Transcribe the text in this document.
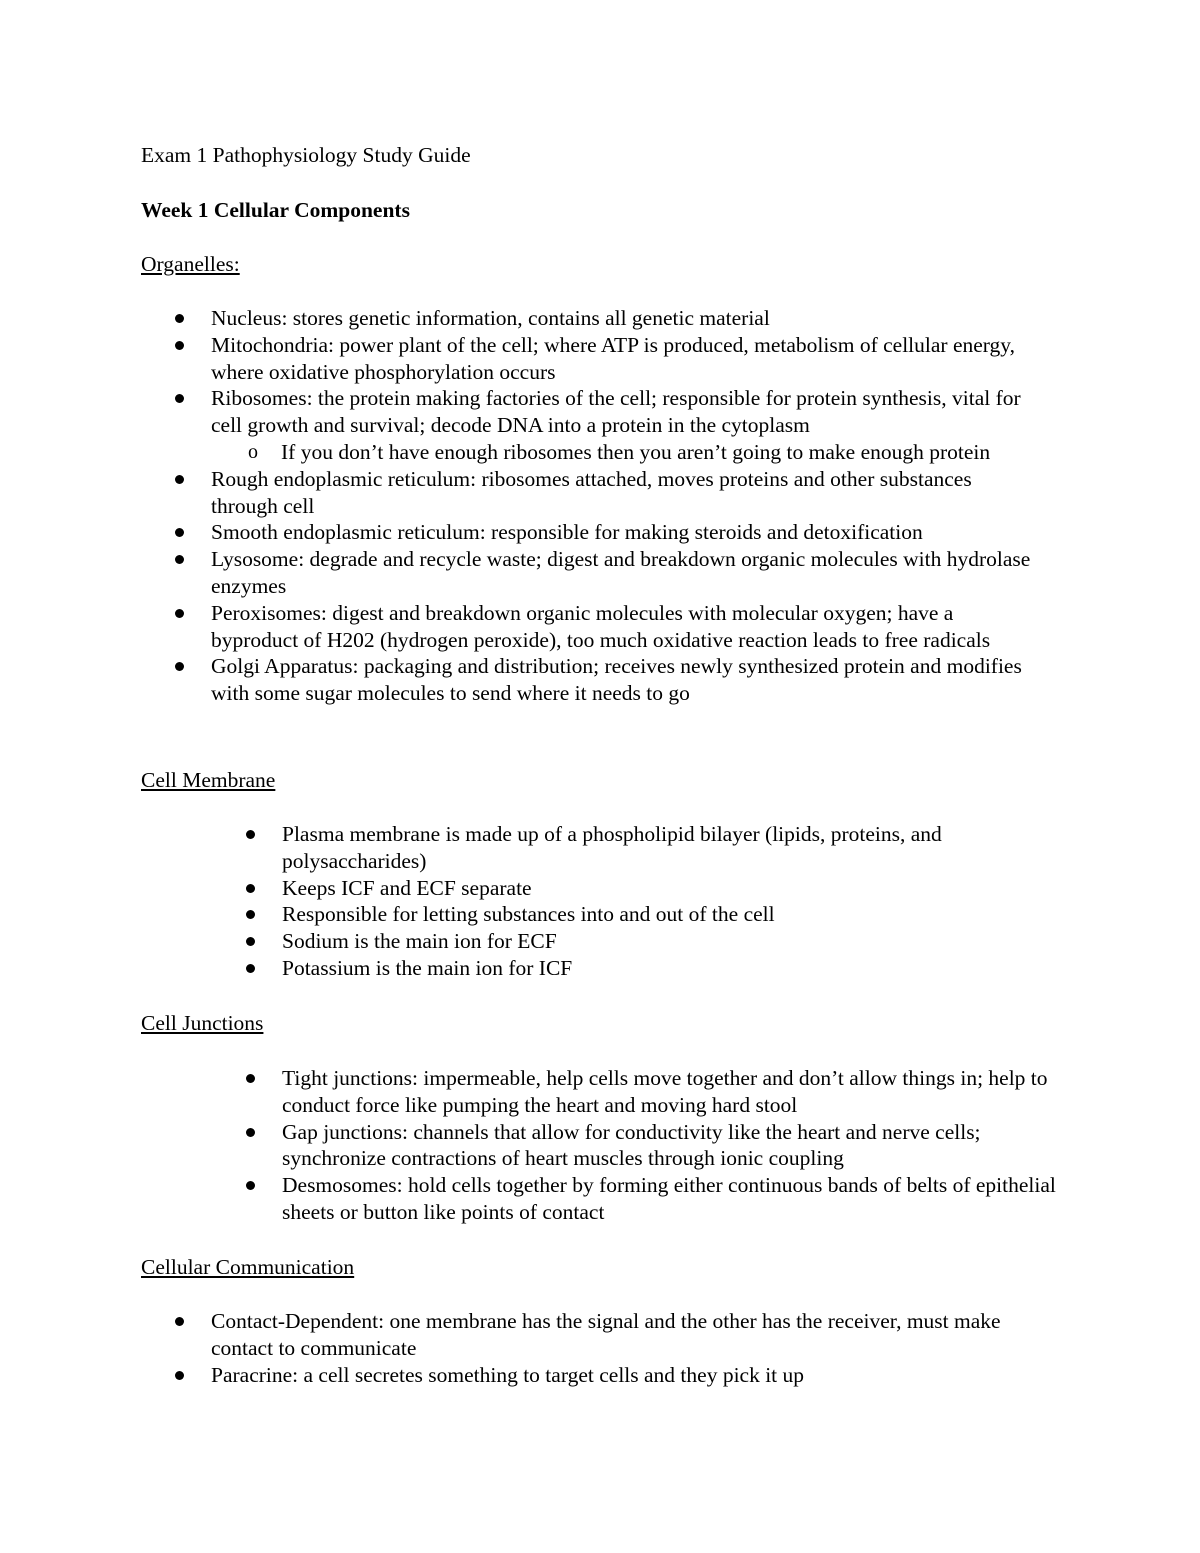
Exam 1 Pathophysiology Study Guide
Week 1 Cellular Components
Organelles:
Nucleus: stores genetic information, contains all genetic material
Mitochondria: power plant of the cell; where ATP is produced, metabolism of cellular energy, where oxidative phosphorylation occurs
Ribosomes: the protein making factories of the cell; responsible for protein synthesis, vital for cell growth and survival; decode DNA into a protein in the cytoplasm
o If you don’t have enough ribosomes then you aren’t going to make enough protein
Rough endoplasmic reticulum: ribosomes attached, moves proteins and other substances through cell
Smooth endoplasmic reticulum: responsible for making steroids and detoxification
Lysosome: degrade and recycle waste; digest and breakdown organic molecules with hydrolase enzymes
Peroxisomes: digest and breakdown organic molecules with molecular oxygen; have a byproduct of H202 (hydrogen peroxide), too much oxidative reaction leads to free radicals
Golgi Apparatus: packaging and distribution; receives newly synthesized protein and modifies with some sugar molecules to send where it needs to go
Cell Membrane
Plasma membrane is made up of a phospholipid bilayer (lipids, proteins, and polysaccharides)
Keeps ICF and ECF separate
Responsible for letting substances into and out of the cell
Sodium is the main ion for ECF
Potassium is the main ion for ICF
Cell Junctions
Tight junctions: impermeable, help cells move together and don’t allow things in; help to conduct force like pumping the heart and moving hard stool
Gap junctions: channels that allow for conductivity like the heart and nerve cells; synchronize contractions of heart muscles through ionic coupling
Desmosomes: hold cells together by forming either continuous bands of belts of epithelial sheets or button like points of contact
Cellular Communication
Contact-Dependent: one membrane has the signal and the other has the receiver, must make contact to communicate
Paracrine: a cell secretes something to target cells and they pick it up
